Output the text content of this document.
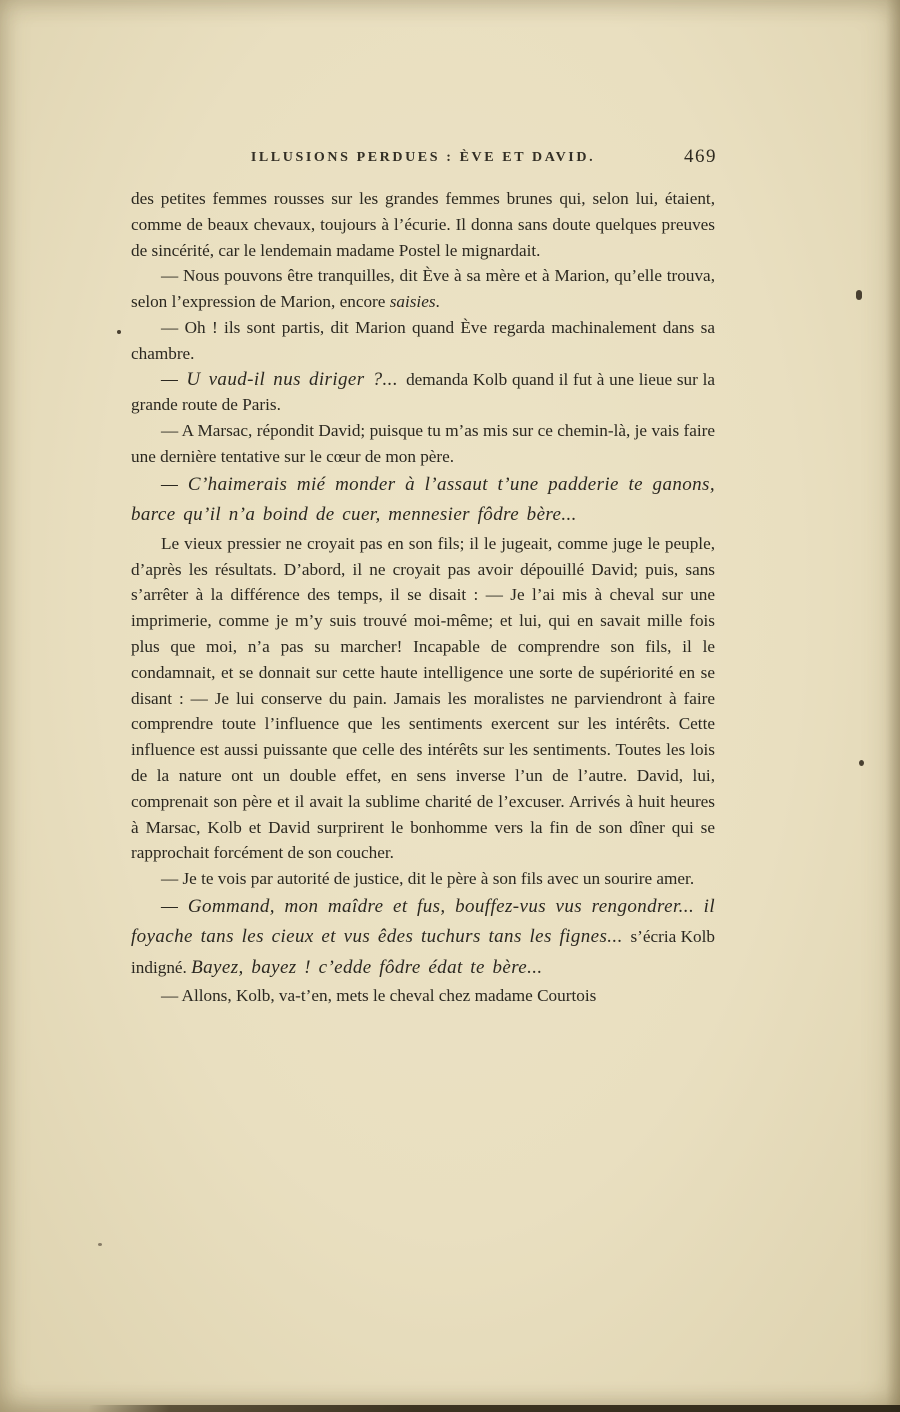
ILLUSIONS PERDUES : ÈVE ET DAVID.	469

des petites femmes rousses sur les grandes femmes brunes qui, selon lui, étaient, comme de beaux chevaux, toujours à l’écurie. Il donna sans doute quelques preuves de sincérité, car le lendemain madame Postel le mignardait.

— Nous pouvons être tranquilles, dit Ève à sa mère et à Marion, qu’elle trouva, selon l’expression de Marion, encore saisies.

— Oh ! ils sont partis, dit Marion quand Ève regarda machinalement dans sa chambre.

— U vaud-il nus diriger ?... demanda Kolb quand il fut à une lieue sur la grande route de Paris.

— A Marsac, répondit David; puisque tu m’as mis sur ce chemin-là, je vais faire une dernière tentative sur le cœur de mon père.

— C’haimerais mié monder à l’assaut t’une padderie te ganons, barce qu’il n’a boind de cuer, mennesier fôdre bère...

Le vieux pressier ne croyait pas en son fils; il le jugeait, comme juge le peuple, d’après les résultats. D’abord, il ne croyait pas avoir dépouillé David; puis, sans s’arrêter à la différence des temps, il se disait : — Je l’ai mis à cheval sur une imprimerie, comme je m’y suis trouvé moi-même; et lui, qui en savait mille fois plus que moi, n’a pas su marcher! Incapable de comprendre son fils, il le condamnait, et se donnait sur cette haute intelligence une sorte de supériorité en se disant : — Je lui conserve du pain. Jamais les moralistes ne parviendront à faire comprendre toute l’influence que les sentiments exercent sur les intérêts. Cette influence est aussi puissante que celle des intérêts sur les sentiments. Toutes les lois de la nature ont un double effet, en sens inverse l’un de l’autre. David, lui, comprenait son père et il avait la sublime charité de l’excuser. Arrivés à huit heures à Marsac, Kolb et David surprirent le bonhomme vers la fin de son dîner qui se rapprochait forcément de son coucher.

— Je te vois par autorité de justice, dit le père à son fils avec un sourire amer.

— Gommand, mon maîdre et fus, bouffez-vus vus rengondrer... il foyache tans les cieux et vus êdes tuchurs tans les fignes... s’écria Kolb indigné. Bayez, bayez ! c’edde fôdre édat te bère...

— Allons, Kolb, va-t’en, mets le cheval chez madame Courtois
